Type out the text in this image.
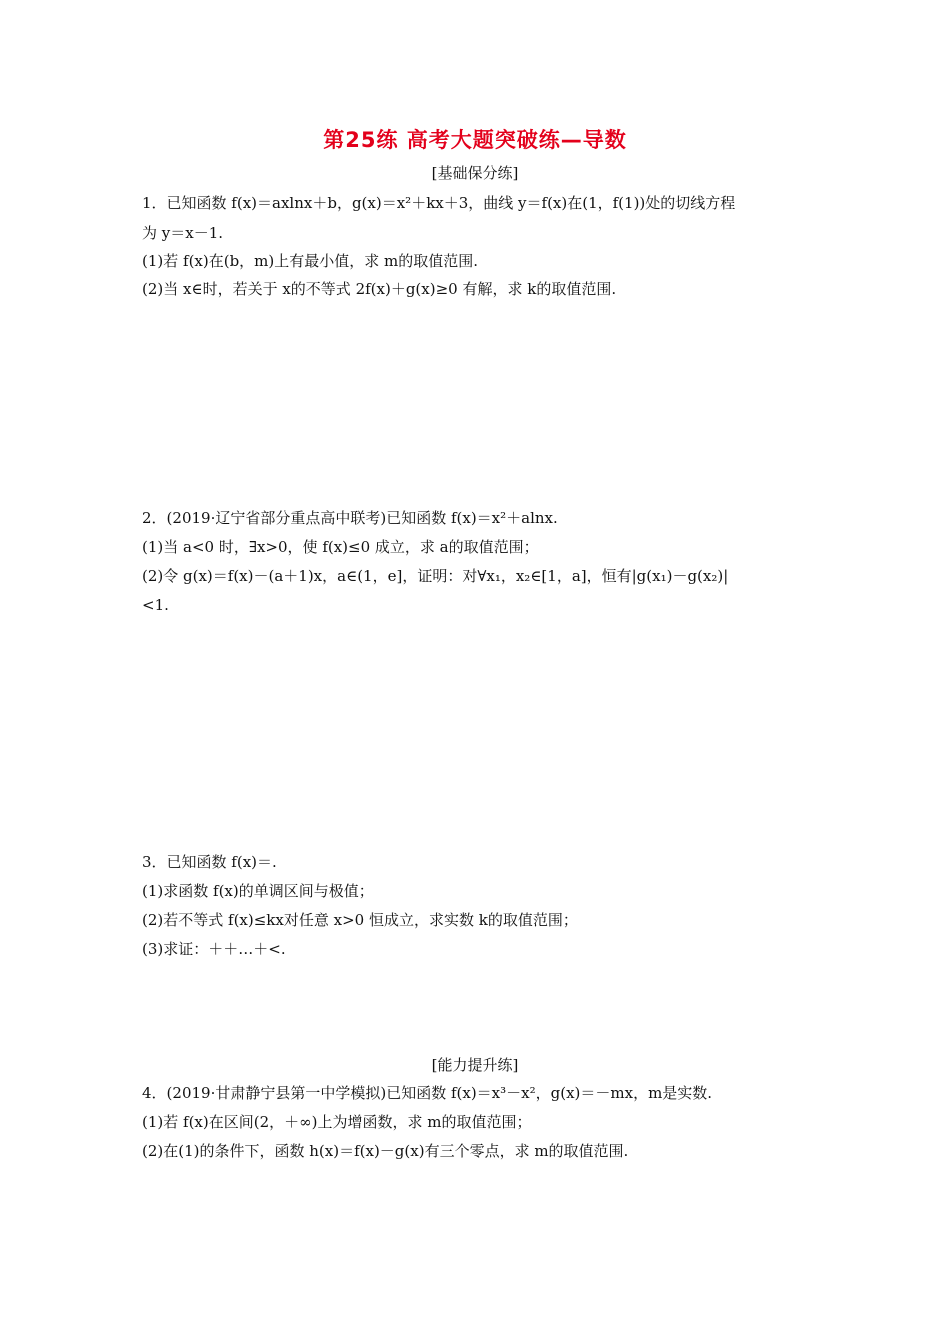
第25练 高考大题突破练—导数
[基础保分练]
1．已知函数 f(x)＝axlnx＋b，g(x)＝x²＋kx＋3，曲线 y＝f(x)在(1，f(1))处的切线方程
为 y＝x－1.
(1)若 f(x)在(b，m)上有最小值，求 m的取值范围.
(2)当 x∈时，若关于 x的不等式 2f(x)＋g(x)≥0 有解，求 k的取值范围.
2．(2019·辽宁省部分重点高中联考)已知函数 f(x)＝x²＋alnx.
(1)当 a<0 时，∃x>0，使 f(x)≤0 成立，求 a的取值范围；
(2)令 g(x)＝f(x)－(a＋1)x，a∈(1，e]，证明：对∀x₁，x₂∈[1，a]，恒有|g(x₁)－g(x₂)|
<1.
3．已知函数 f(x)＝.
(1)求函数 f(x)的单调区间与极值；
(2)若不等式 f(x)≤kx对任意 x>0 恒成立，求实数 k的取值范围；
(3)求证：＋＋…＋<.
[能力提升练]
4．(2019·甘肃静宁县第一中学模拟)已知函数 f(x)＝x³－x²，g(x)＝－mx，m是实数.
(1)若 f(x)在区间(2，＋∞)上为增函数，求 m的取值范围；
(2)在(1)的条件下，函数 h(x)＝f(x)－g(x)有三个零点，求 m的取值范围.
